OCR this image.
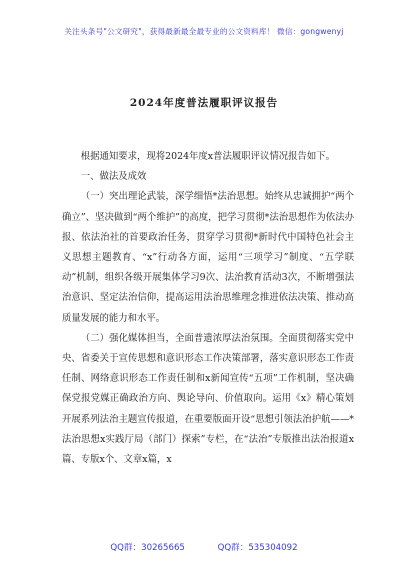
关注头条号"公文研究"，获得最新最全最专业的公文资料库！ 微信：gongwenyj
2024年度普法履职评议报告

根据通知要求，现将2024年度x普法履职评议情况报告如下。

一、做法及成效

（一）突出理论武装，深学细悟*法治思想。始终从忠诚拥护“两个确立”、坚决做到“两个维护”的高度，把学习贯彻*法治思想作为依法办报、依法治社的首要政治任务，贯穿学习贯彻*新时代中国特色社会主义思想主题教育、“x”行动各方面，运用“三项学习”制度、“五学联动”机制，组织各级开展集体学习9次、法治教育活动3次，不断增强法治意识、坚定法治信仰，提高运用法治思维理念推进依法决策、推动高质量发展的能力和水平。

（二）强化媒体担当，全面普遗浓厚法治氛围。全面贯彻落实党中央、省委关于宣传思想和意识形态工作决策部署，落实意识形态工作责任制、网络意识形态工作责任制和x新闻宣传“五项”工作机制，坚决确保党报党媒正确政治方向、舆论导向、价值取向。运用《x》精心策划开展系列法治主题宣传报道，在重要版面开设“思想引领法治护航——*法治思想x实践厅局（部门）探索”专栏，在“法治”专版推出法治报道x篇、专版x个、文章x篇，x

QQ群：30265665	QQ群：535304092
